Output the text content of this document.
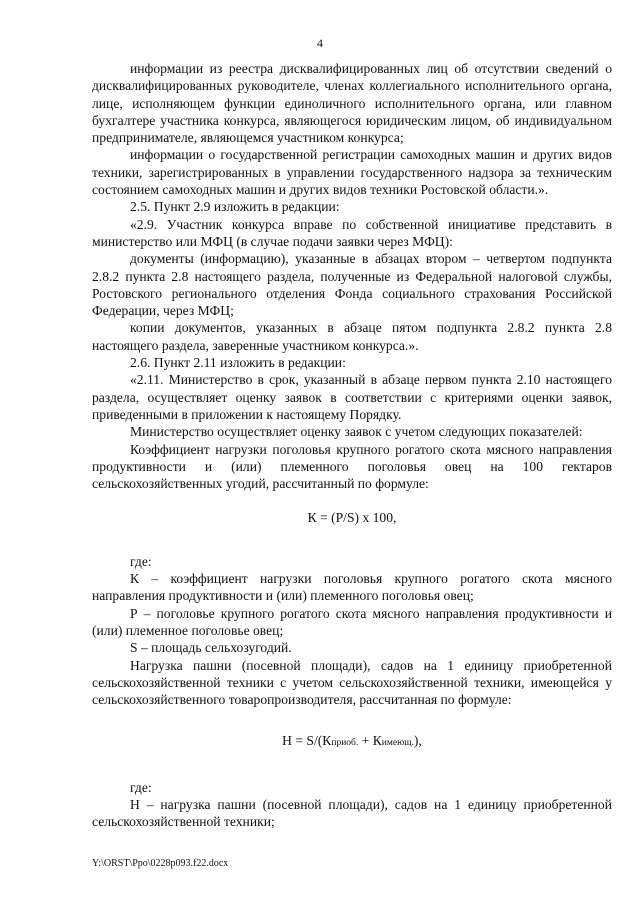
4

информации из реестра дисквалифицированных лиц об отсутствии сведений о дисквалифицированных руководителе, членах коллегиального исполнительного органа, лице, исполняющем функции единоличного исполнительного органа, или главном бухгалтере участника конкурса, являющегося юридическим лицом, об индивидуальном предпринимателе, являющемся участником конкурса;

информации о государственной регистрации самоходных машин и других видов техники, зарегистрированных в управлении государственного надзора за техническим состоянием самоходных машин и других видов техники Ростовской области.».

2.5. Пункт 2.9 изложить в редакции:

«2.9. Участник конкурса вправе по собственной инициативе представить в министерство или МФЦ (в случае подачи заявки через МФЦ):

документы (информацию), указанные в абзацах втором – четвертом подпункта 2.8.2 пункта 2.8 настоящего раздела, полученные из Федеральной налоговой службы, Ростовского регионального отделения Фонда социального страхования Российской Федерации, через МФЦ;

копии документов, указанных в абзаце пятом подпункта 2.8.2 пункта 2.8 настоящего раздела, заверенные участником конкурса.».

2.6. Пункт 2.11 изложить в редакции:

«2.11. Министерство в срок, указанный в абзаце первом пункта 2.10 настоящего раздела, осуществляет оценку заявок в соответствии с критериями оценки заявок, приведенными в приложении к настоящему Порядку.

Министерство осуществляет оценку заявок с учетом следующих показателей:

Коэффициент нагрузки поголовья крупного рогатого скота мясного направления продуктивности и (или) племенного поголовья овец на 100 гектаров сельскохозяйственных угодий, рассчитанный по формуле:

К = (Р/S) х 100,

где:

К – коэффициент нагрузки поголовья крупного рогатого скота мясного направления продуктивности и (или) племенного поголовья овец;

Р – поголовье крупного рогатого скота мясного направления продуктивности и (или) племенное поголовье овец;

S – площадь сельхозугодий.

Нагрузка пашни (посевной площади), садов на 1 единицу приобретенной сельскохозяйственной техники с учетом сельскохозяйственной техники, имеющейся у сельскохозяйственного товаропроизводителя, рассчитанная по формуле:

Н = S/(Кприоб. + Кимеющ.),

где:

Н – нагрузка пашни (посевной площади), садов на 1 единицу приобретенной сельскохозяйственной техники;

Y:\ORST\Ppo\0228p093.f22.docx
